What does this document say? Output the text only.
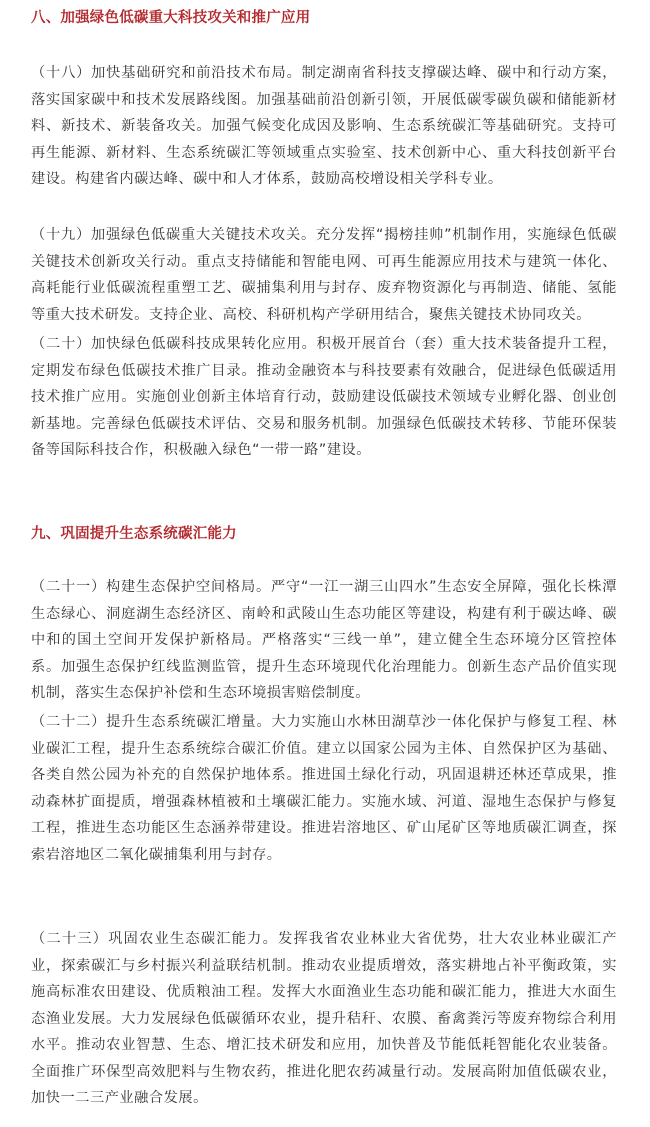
八、加强绿色低碳重大科技攻关和推广应用

（十八）加快基础研究和前沿技术布局。制定湖南省科技支撑碳达峰、碳中和行动方案，落实国家碳中和技术发展路线图。加强基础前沿创新引领，开展低碳零碳负碳和储能新材料、新技术、新装备攻关。加强气候变化成因及影响、生态系统碳汇等基础研究。支持可再生能源、新材料、生态系统碳汇等领域重点实验室、技术创新中心、重大科技创新平台建设。构建省内碳达峰、碳中和人才体系，鼓励高校增设相关学科专业。

（十九）加强绿色低碳重大关键技术攻关。充分发挥“揭榜挂帅”机制作用，实施绿色低碳关键技术创新攻关行动。重点支持储能和智能电网、可再生能源应用技术与建筑一体化、高耗能行业低碳流程重塑工艺、碳捕集利用与封存、废弃物资源化与再制造、储能、氢能等重大技术研发。支持企业、高校、科研机构产学研用结合，聚焦关键技术协同攻关。

（二十）加快绿色低碳科技成果转化应用。积极开展首台（套）重大技术装备提升工程，定期发布绿色低碳技术推广目录。推动金融资本与科技要素有效融合，促进绿色低碳适用技术推广应用。实施创业创新主体培育行动，鼓励建设低碳技术领域专业孵化器、创业创新基地。完善绿色低碳技术评估、交易和服务机制。加强绿色低碳技术转移、节能环保装备等国际科技合作，积极融入绿色“一带一路”建设。

九、巩固提升生态系统碳汇能力

（二十一）构建生态保护空间格局。严守“一江一湖三山四水”生态安全屏障，强化长株潭生态绿心、洞庭湖生态经济区、南岭和武陵山生态功能区等建设，构建有利于碳达峰、碳中和的国土空间开发保护新格局。严格落实“三线一单”，建立健全生态环境分区管控体系。加强生态保护红线监测监管，提升生态环境现代化治理能力。创新生态产品价值实现机制，落实生态保护补偿和生态环境损害赔偿制度。

（二十二）提升生态系统碳汇增量。大力实施山水林田湖草沙一体化保护与修复工程、林业碳汇工程，提升生态系统综合碳汇价值。建立以国家公园为主体、自然保护区为基础、各类自然公园为补充的自然保护地体系。推进国土绿化行动，巩固退耕还林还草成果，推动森林扩面提质，增强森林植被和土壤碳汇能力。实施水域、河道、湿地生态保护与修复工程，推进生态功能区生态涵养带建设。推进岩溶地区、矿山尾矿区等地质碳汇调查，探索岩溶地区二氧化碳捕集利用与封存。

（二十三）巩固农业生态碳汇能力。发挥我省农业林业大省优势，壮大农业林业碳汇产业，探索碳汇与乡村振兴利益联结机制。推动农业提质增效，落实耕地占补平衡政策，实施高标准农田建设、优质粮油工程。发挥大水面渔业生态功能和碳汇能力，推进大水面生态渔业发展。大力发展绿色低碳循环农业，提升秸秆、农膜、畜禽粪污等废弃物综合利用水平。推动农业智慧、生态、增汇技术研发和应用，加快普及节能低耗智能化农业装备。全面推广环保型高效肥料与生物农药，推进化肥农药减量行动。发展高附加值低碳农业，加快一二三产业融合发展。
